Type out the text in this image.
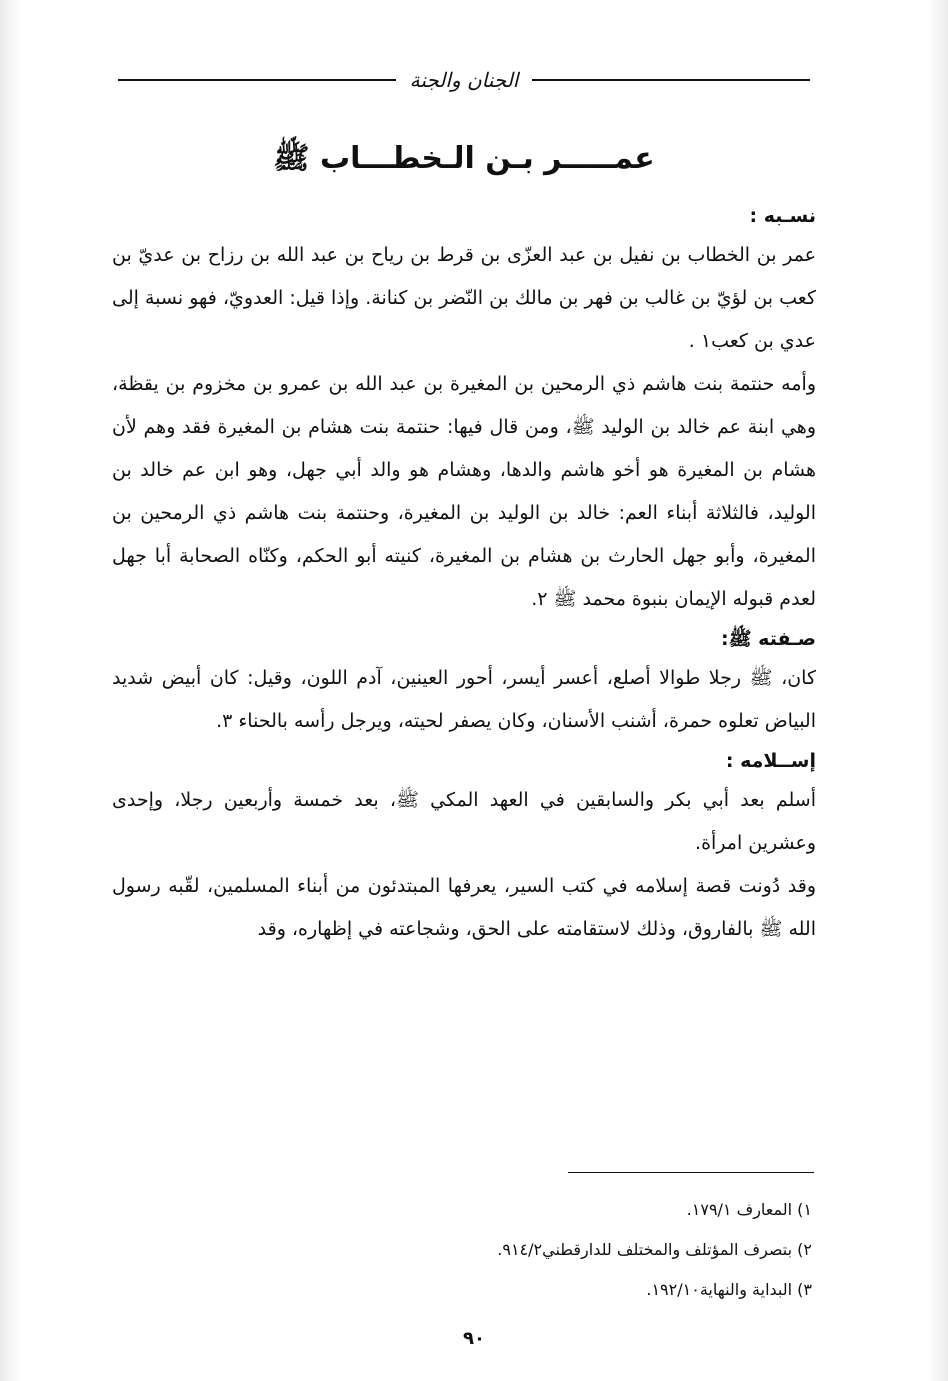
الجنان والجنة
عمـــــر بـن الـخطـــاب ﷺ

نسـبه :

عمر بن الخطاب بن نفيل بن عبد العزّى بن قرط بن رياح بن عبد الله بن رزاح بن عديّ بن كعب بن لؤيّ بن غالب بن فهر بن مالك بن النّضر بن كنانة. وإذا قيل: العدويّ، فهو نسبة إلى عدي بن كعب١ .

وأمه حنتمة بنت هاشم ذي الرمحين بن المغيرة بن عبد الله بن عمرو بن مخزوم بن يقظة، وهي ابنة عم خالد بن الوليد ﷺ، ومن قال فيها: حنتمة بنت هشام بن المغيرة فقد وهم لأن هشام بن المغيرة هو أخو هاشم والدها، وهشام هو والد أبي جهل، وهو ابن عم خالد بن الوليد، فالثلاثة أبناء العم: خالد بن الوليد بن المغيرة، وحنتمة بنت هاشم ذي الرمحين بن المغيرة، وأبو جهل الحارث بن هشام بن المغيرة، كنيته أبو الحكم، وكنّاه الصحابة أبا جهل لعدم قبوله الإيمان بنبوة محمد ﷺ ٢.

صـفته ﷺ:

كان، ﷺ رجلا طوالا أصلع، أعسر أيسر، أحور العينين، آدم اللون، وقيل: كان أبيض شديد البياض تعلوه حمرة، أشنب الأسنان، وكان يصفر لحيته، ويرجل رأسه بالحناء ٣.

إســلامه :

أسلم بعد أبي بكر والسابقين في العهد المكي ﷺ، بعد خمسة وأربعين رجلا، وإحدى وعشرين امرأة.

وقد دُونت قصة إسلامه في كتب السير، يعرفها المبتدئون من أبناء المسلمين، لقّبه رسول الله ﷺ بالفاروق، وذلك لاستقامته على الحق، وشجاعته في إظهاره، وقد

١) المعارف ١٧٩/١.
٢) بتصرف المؤتلف والمختلف للدارقطني٩١٤/٢.
٣) البداية والنهاية١٩٢/١٠.
٩٠
